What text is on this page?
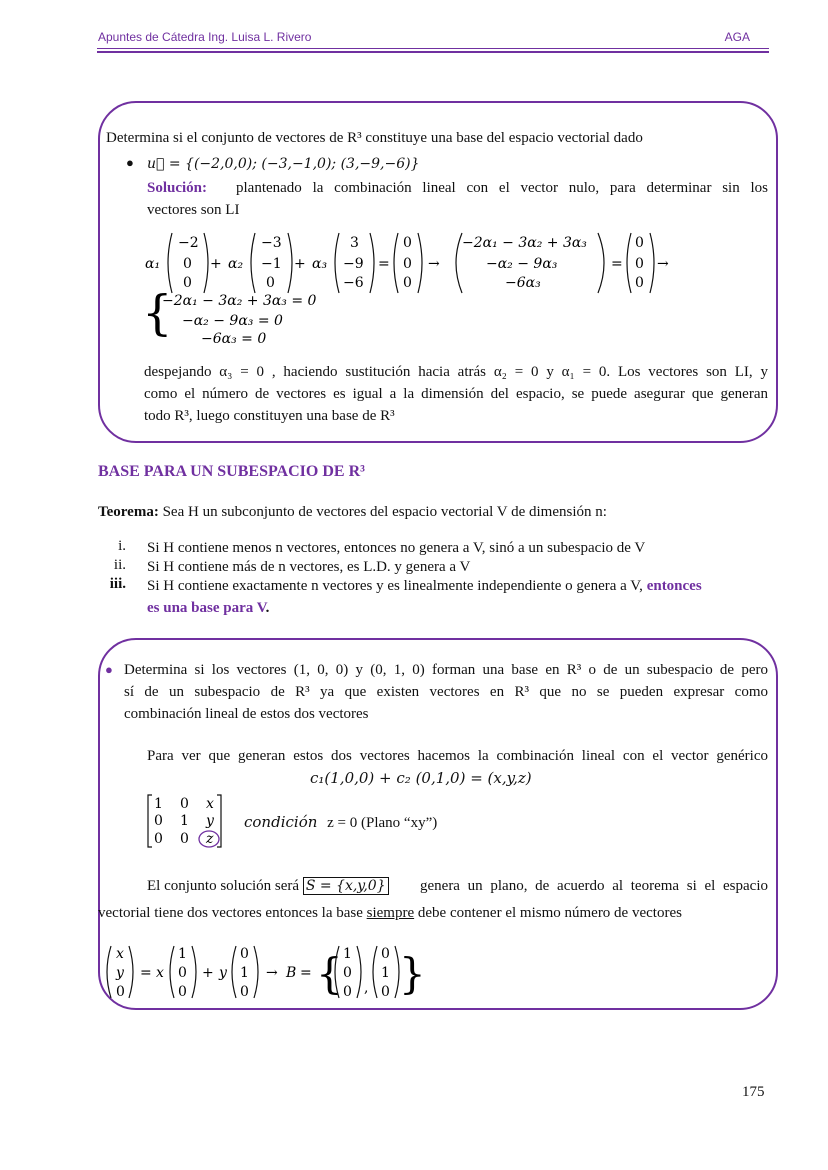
Apuntes de Cátedra Ing. Luisa L. Rivero	AGA
Determina si el conjunto de vectores de R³ constituye una base del espacio vectorial dado
● u⃗ = {(−2,0,0); (−3,−1,0); (3,−9,−6)}
Solución: plantenado la combinación lineal con el vector nulo, para determinar sin los
vectores son LI
α₁	α₂	α₃
−2
0
0
+
−3
−1
0
+
3
−9
−6
=
0
0
0
→
−2α₁ − 3α₂ + 3α₃
−α₂ − 9α₃
−6α₃
=
0
0
0
→
{
−2α₁ − 3α₂ + 3α₃ = 0
−α₂ − 9α₃ = 0
−6α₃ = 0
despejando α₃ = 0 , haciendo sustitución hacia atrás α₂ = 0 y α₁ = 0. Los vectores son LI, y
como el número de vectores es igual a la dimensión del espacio, se puede asegurar que generan
todo R³, luego constituyen una base de R³
BASE PARA UN SUBESPACIO DE R³
Teorema: Sea H un subconjunto de vectores del espacio vectorial V de dimensión n:
i. Si H contiene menos n vectores, entonces no genera a V, sinó a un subespacio de V
ii. Si H contiene más de n vectores, es L.D. y genera a V
iii. Si H contiene exactamente n vectores y es linealmente independiente o genera a V, entonces
es una base para V.
● Determina si los vectores (1, 0, 0) y (0, 1, 0) forman una base en R³ o de un subespacio de pero
sí de un subespacio de R³ ya que existen vectores en R³ que no se pueden expresar como
combinación lineal de estos dos vectores
Para ver que generan estos dos vectores hacemos la combinación lineal con el vector genérico
c₁(1,0,0) + c₂ (0,1,0) = (x,y,z)
1 0 x
0 1 y
0 0 z
condición z = 0 (Plano “xy”)
El conjunto solución será S = {x,y,0} genera un plano, de acuerdo al teorema si el espacio
vectorial tiene dos vectores entonces la base siempre debe contener el mismo número de vectores
x
y
0
= x
1
0
0
+ y
0
1
0
→ B = { 1
0
0 ,
0
1
0 }
175
